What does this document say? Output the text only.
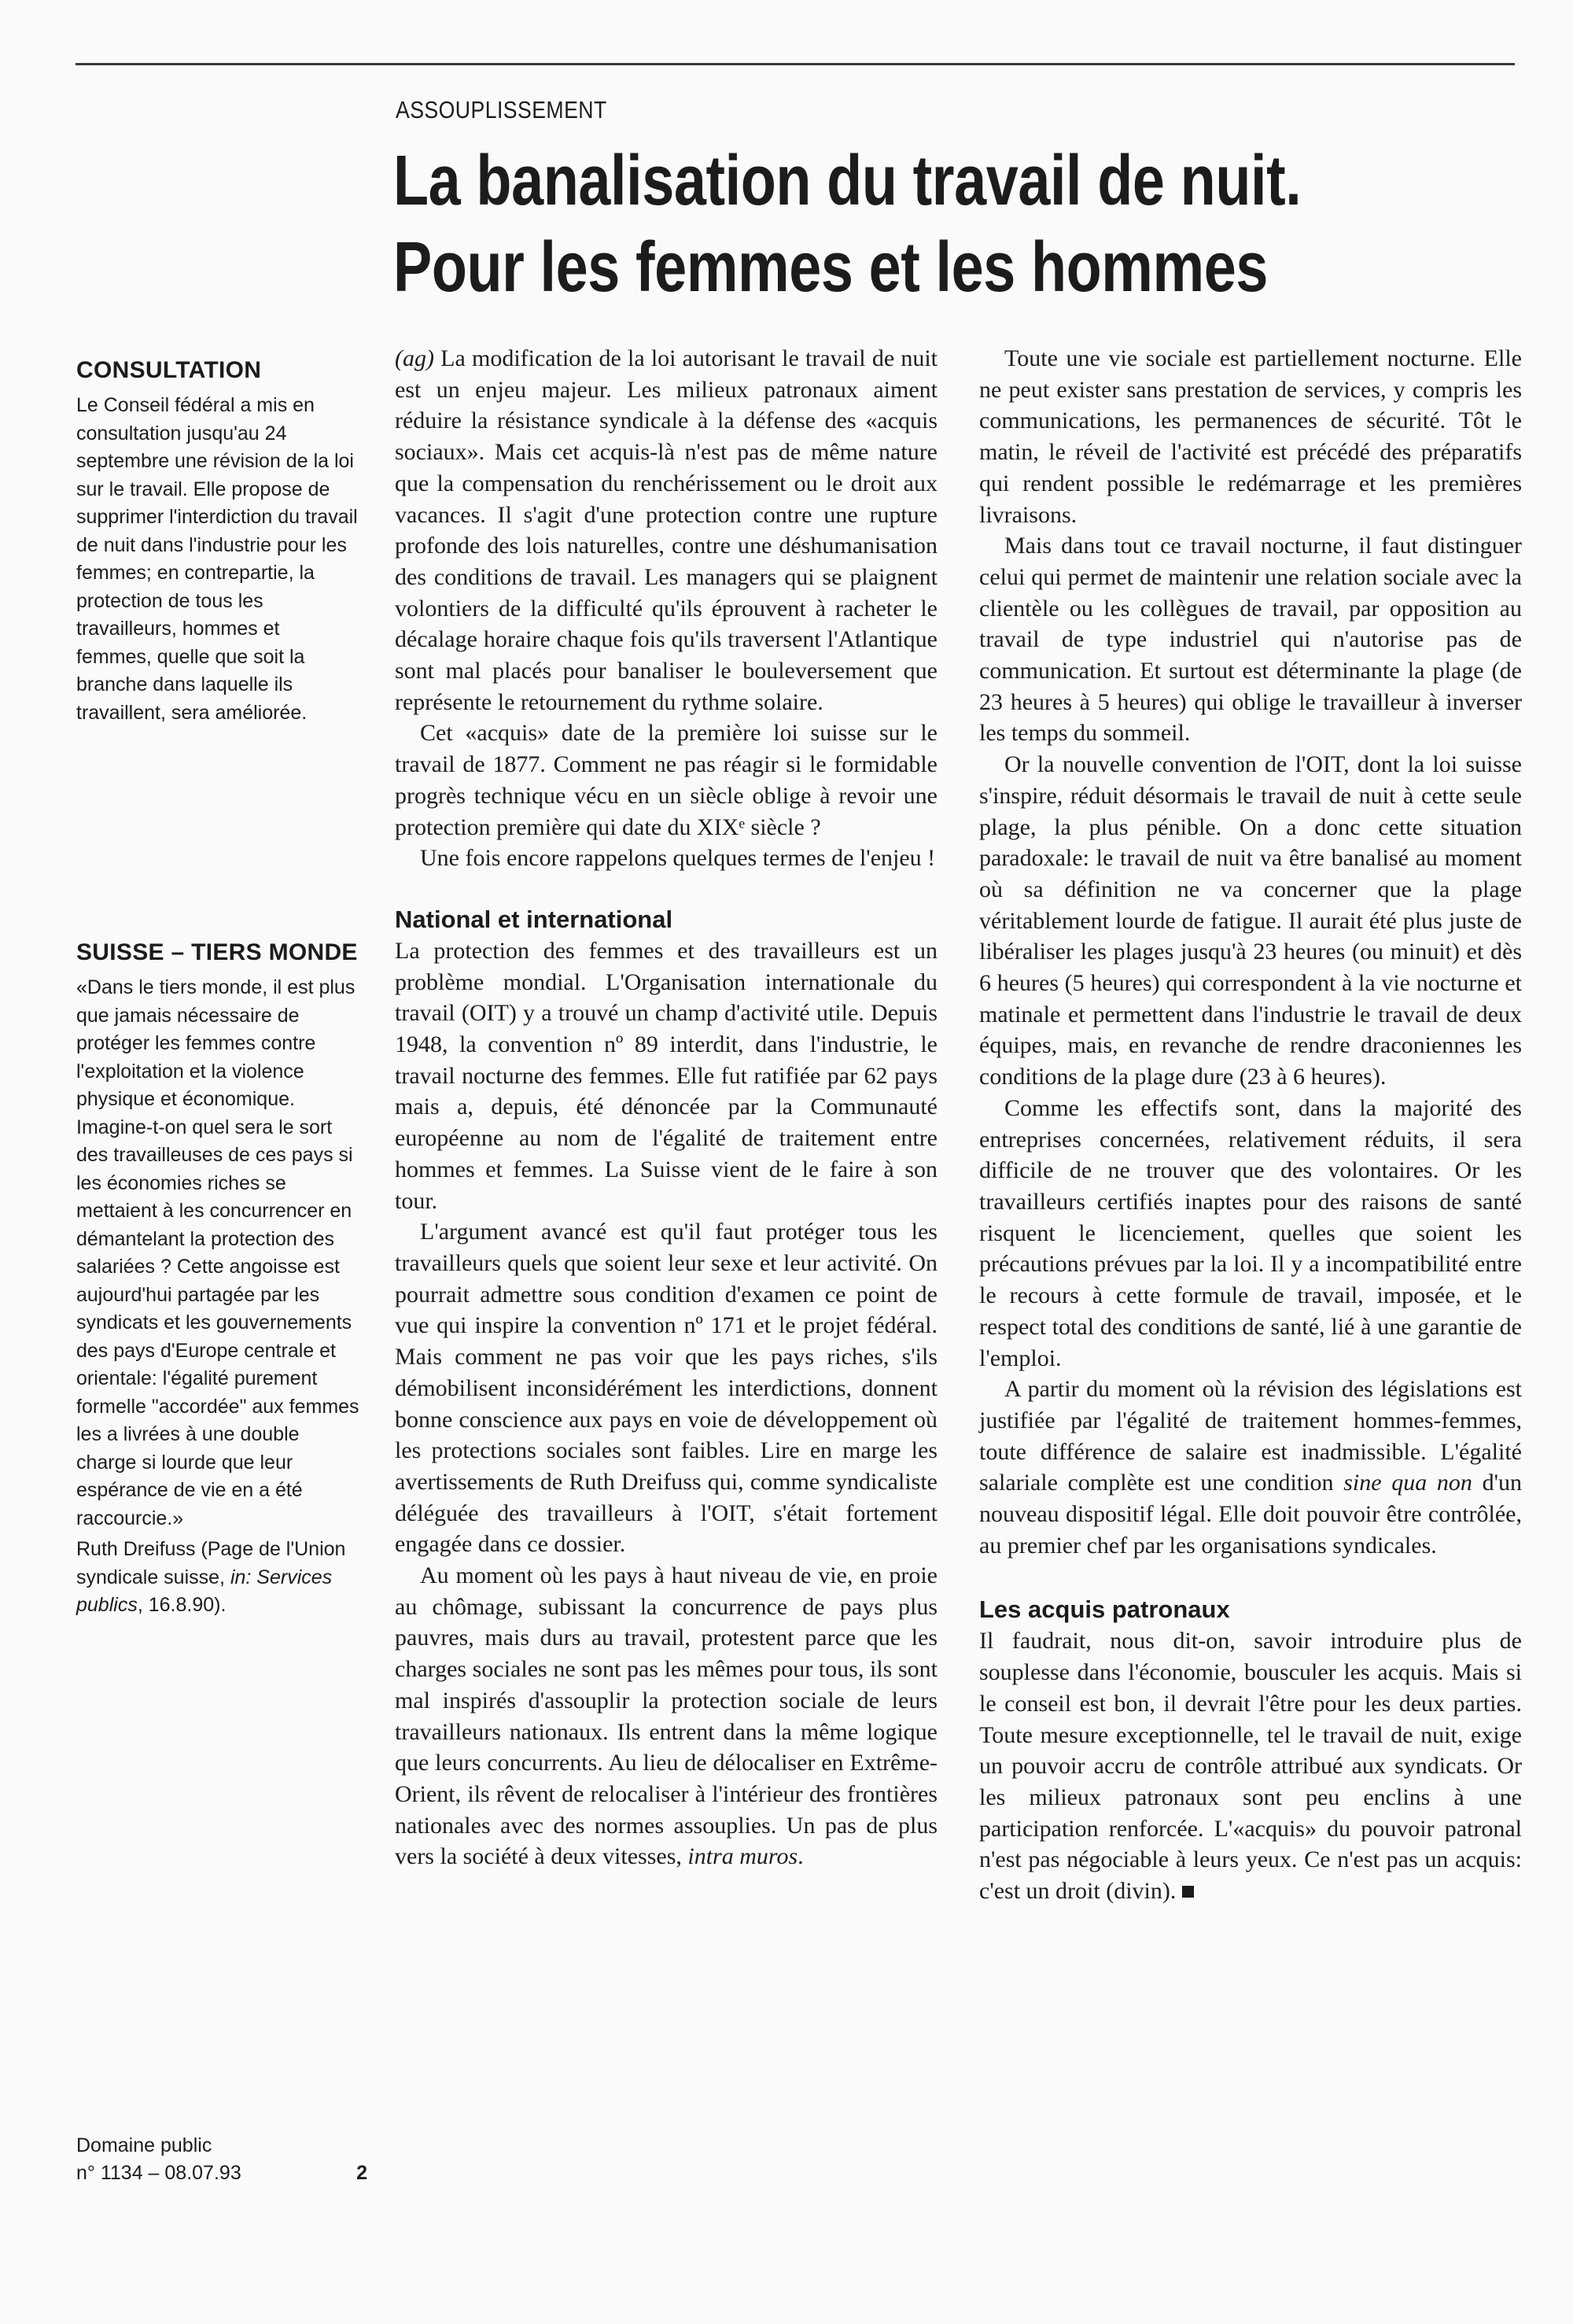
ASSOUPLISSEMENT
La banalisation du travail de nuit.
Pour les femmes et les hommes
CONSULTATION

Le Conseil fédéral a mis en consultation jusqu'au 24 septembre une révision de la loi sur le travail. Elle propose de supprimer l'interdiction du travail de nuit dans l'industrie pour les femmes; en contrepartie, la protection de tous les travailleurs, hommes et femmes, quelle que soit la branche dans laquelle ils travaillent, sera améliorée.

SUISSE – TIERS MONDE

«Dans le tiers monde, il est plus que jamais nécessaire de protéger les femmes contre l'exploitation et la violence physique et économique. Imagine-t-on quel sera le sort des travailleuses de ces pays si les économies riches se mettaient à les concurrencer en démantelant la protection des salariées ? Cette angoisse est aujourd'hui partagée par les syndicats et les gouvernements des pays d'Europe centrale et orientale: l'égalité purement formelle "accordée" aux femmes les a livrées à une double charge si lourde que leur espérance de vie en a été raccourcie.»

Ruth Dreifuss (Page de l'Union syndicale suisse, in: Services publics, 16.8.90).

Domaine public
n° 1134 – 08.07.93	2

(ag) La modification de la loi autorisant le travail de nuit est un enjeu majeur. Les milieux patronaux aiment réduire la résistance syndicale à la défense des «acquis sociaux». Mais cet acquis-là n'est pas de même nature que la compensation du renchérissement ou le droit aux vacances. Il s'agit d'une protection contre une rupture profonde des lois naturelles, contre une déshumanisation des conditions de travail. Les managers qui se plaignent volontiers de la difficulté qu'ils éprouvent à racheter le décalage horaire chaque fois qu'ils traversent l'Atlantique sont mal placés pour banaliser le bouleversement que représente le retournement du rythme solaire.

Cet «acquis» date de la première loi suisse sur le travail de 1877. Comment ne pas réagir si le formidable progrès technique vécu en un siècle oblige à revoir une protection première qui date du XIXᵉ siècle ?

Une fois encore rappelons quelques termes de l'enjeu !

National et international

La protection des femmes et des travailleurs est un problème mondial. L'Organisation internationale du travail (OIT) y a trouvé un champ d'activité utile. Depuis 1948, la convention nº 89 interdit, dans l'industrie, le travail nocturne des femmes. Elle fut ratifiée par 62 pays mais a, depuis, été dénoncée par la Communauté européenne au nom de l'égalité de traitement entre hommes et femmes. La Suisse vient de le faire à son tour.

L'argument avancé est qu'il faut protéger tous les travailleurs quels que soient leur sexe et leur activité. On pourrait admettre sous condition d'examen ce point de vue qui inspire la convention nº 171 et le projet fédéral. Mais comment ne pas voir que les pays riches, s'ils démobilisent inconsidérément les interdictions, donnent bonne conscience aux pays en voie de développement où les protections sociales sont faibles. Lire en marge les avertissements de Ruth Dreifuss qui, comme syndicaliste déléguée des travailleurs à l'OIT, s'était fortement engagée dans ce dossier.

Au moment où les pays à haut niveau de vie, en proie au chômage, subissant la concurrence de pays plus pauvres, mais durs au travail, protestent parce que les charges sociales ne sont pas les mêmes pour tous, ils sont mal inspirés d'assouplir la protection sociale de leurs travailleurs nationaux. Ils entrent dans la même logique que leurs concurrents. Au lieu de délocaliser en Extrême-Orient, ils rêvent de relocaliser à l'intérieur des frontières nationales avec des normes assouplies. Un pas de plus vers la société à deux vitesses, intra muros.

Toute une vie sociale est partiellement nocturne. Elle ne peut exister sans prestation de services, y compris les communications, les permanences de sécurité. Tôt le matin, le réveil de l'activité est précédé des préparatifs qui rendent possible le redémarrage et les premières livraisons.

Mais dans tout ce travail nocturne, il faut distinguer celui qui permet de maintenir une relation sociale avec la clientèle ou les collègues de travail, par opposition au travail de type industriel qui n'autorise pas de communication. Et surtout est déterminante la plage (de 23 heures à 5 heures) qui oblige le travailleur à inverser les temps du sommeil.

Or la nouvelle convention de l'OIT, dont la loi suisse s'inspire, réduit désormais le travail de nuit à cette seule plage, la plus pénible. On a donc cette situation paradoxale: le travail de nuit va être banalisé au moment où sa définition ne va concerner que la plage véritablement lourde de fatigue. Il aurait été plus juste de libéraliser les plages jusqu'à 23 heures (ou minuit) et dès 6 heures (5 heures) qui correspondent à la vie nocturne et matinale et permettent dans l'industrie le travail de deux équipes, mais, en revanche de rendre draconiennes les conditions de la plage dure (23 à 6 heures).

Comme les effectifs sont, dans la majorité des entreprises concernées, relativement réduits, il sera difficile de ne trouver que des volontaires. Or les travailleurs certifiés inaptes pour des raisons de santé risquent le licenciement, quelles que soient les précautions prévues par la loi. Il y a incompatibilité entre le recours à cette formule de travail, imposée, et le respect total des conditions de santé, lié à une garantie de l'emploi.

A partir du moment où la révision des législations est justifiée par l'égalité de traitement hommes-femmes, toute différence de salaire est inadmissible. L'égalité salariale complète est une condition sine qua non d'un nouveau dispositif légal. Elle doit pouvoir être contrôlée, au premier chef par les organisations syndicales.

Les acquis patronaux

Il faudrait, nous dit-on, savoir introduire plus de souplesse dans l'économie, bousculer les acquis. Mais si le conseil est bon, il devrait l'être pour les deux parties. Toute mesure exceptionnelle, tel le travail de nuit, exige un pouvoir accru de contrôle attribué aux syndicats. Or les milieux patronaux sont peu enclins à une participation renforcée. L'«acquis» du pouvoir patronal n'est pas négociable à leurs yeux. Ce n'est pas un acquis: c'est un droit (divin).
